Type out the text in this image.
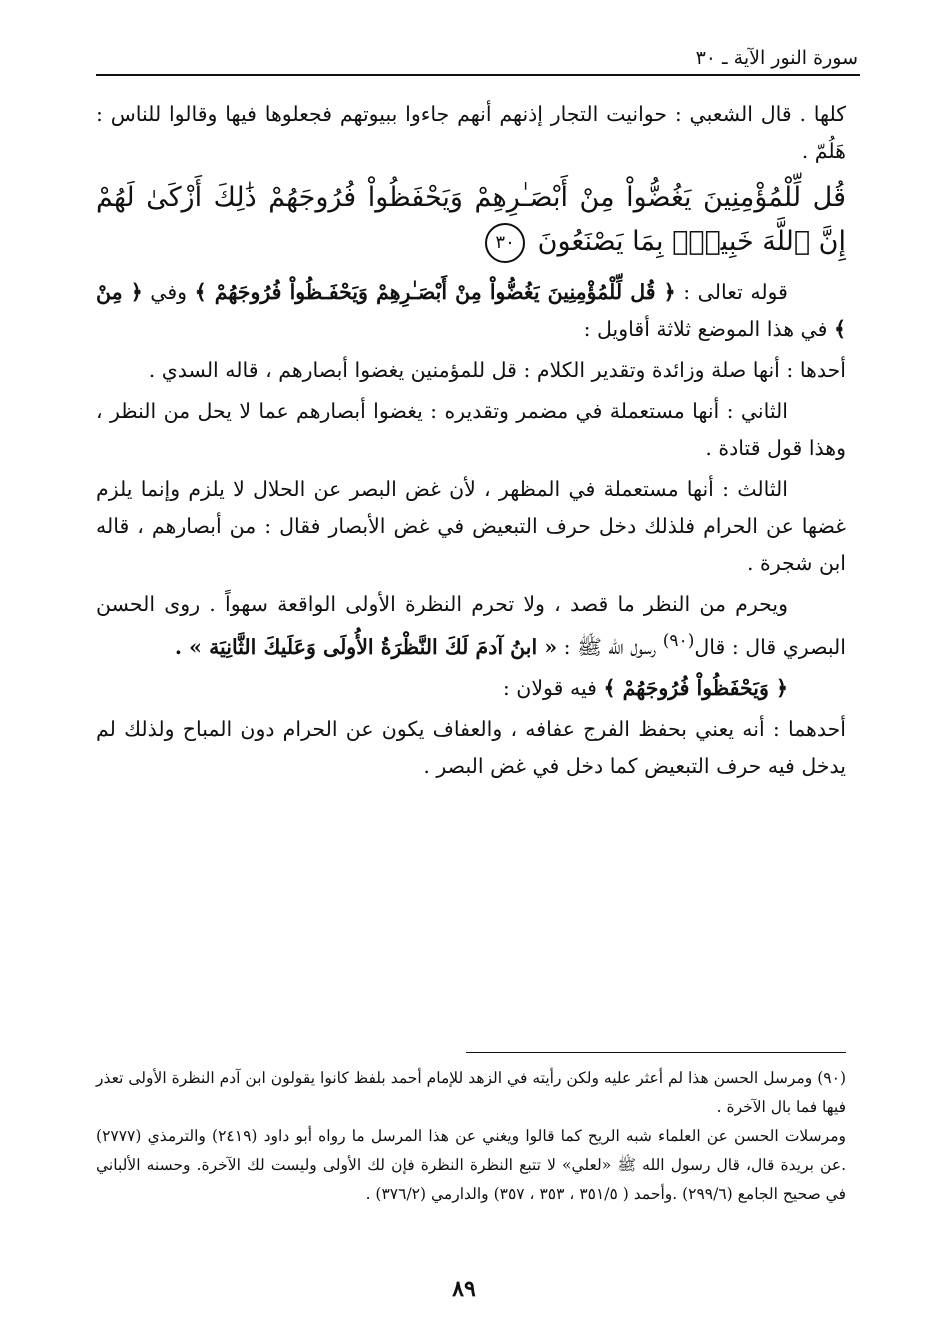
سورة النور الآية ـ ٣٠

كلها . قال الشعبي : حوانيت التجار إذنهم أنهم جاءوا ببيوتهم فجعلوها فيها وقالوا للناس : هَلُمّ .

قُل لِّلْمُؤْمِنِينَ يَغُضُّواْ مِنْ أَبْصَـٰرِهِمْ وَيَحْفَظُواْ فُرُوجَهُمْ ذَٰلِكَ أَزْكَىٰ لَهُمْ إِنَّ ٱللَّهَ خَبِيرُۢ بِمَا يَصْنَعُونَ ٣٠

قوله تعالى : ﴿ قُل لِّلْمُؤْمِنِينَ يَغُضُّواْ مِنْ أَبْصَـٰرِهِمْ وَيَحْفَـظُواْ فُرُوجَهُمْ ﴾ وفي ﴿ مِنْ ﴾ في هذا الموضع ثلاثة أقاويل :

أحدها : أنها صلة وزائدة وتقدير الكلام : قل للمؤمنين يغضوا أبصارهم ، قاله السدي .

الثاني : أنها مستعملة في مضمر وتقديره : يغضوا أبصارهم عما لا يحل من النظر ، وهذا قول قتادة .

الثالث : أنها مستعملة في المظهر ، لأن غض البصر عن الحلال لا يلزم وإنما يلزم غضها عن الحرام فلذلك دخل حرف التبعيض في غض الأبصار فقال : من أبصارهم ، قاله ابن شجرة .

ويحرم من النظر ما قصد ، ولا تحرم النظرة الأولى الواقعة سهواً . روى الحسن البصري قال : قال$^{(٩٠)}$ رسول الله ﷺ : « ابنُ آدمَ لَكَ النَّظْرَةُ الأُولَى وَعَلَيكَ الثَّانِيَة » .

﴿ وَيَحْفَظُواْ فُرُوجَهُمْ ﴾ فيه قولان :

أحدهما : أنه يعني بحفظ الفرج عفافه ، والعفاف يكون عن الحرام دون المباح ولذلك لم يدخل فيه حرف التبعيض كما دخل في غض البصر .

(٩٠) ومرسل الحسن هذا لم أعثر عليه ولكن رأيته في الزهد للإمام أحمد بلفظ كانوا يقولون ابن آدم النظرة الأولى تعذر فيها فما بال الآخرة .

ومرسلات الحسن عن العلماء شبه الريح كما قالوا ويغني عن هذا المرسل ما رواه أبو داود (٢٤١٩) والترمذي (٢٧٧٧) .عن بريدة قال، قال رسول الله ﷺ «لعلي» لا تتبع النظرة النظرة فإن لك الأولى وليست لك الآخرة. وحسنه الألباني في صحيح الجامع (٢٩٩/٦) .وأحمد ( ٣٥١/٥ ، ٣٥٣ ، ٣٥٧) والدارمي (٣٧٦/٢) .

٨٩
